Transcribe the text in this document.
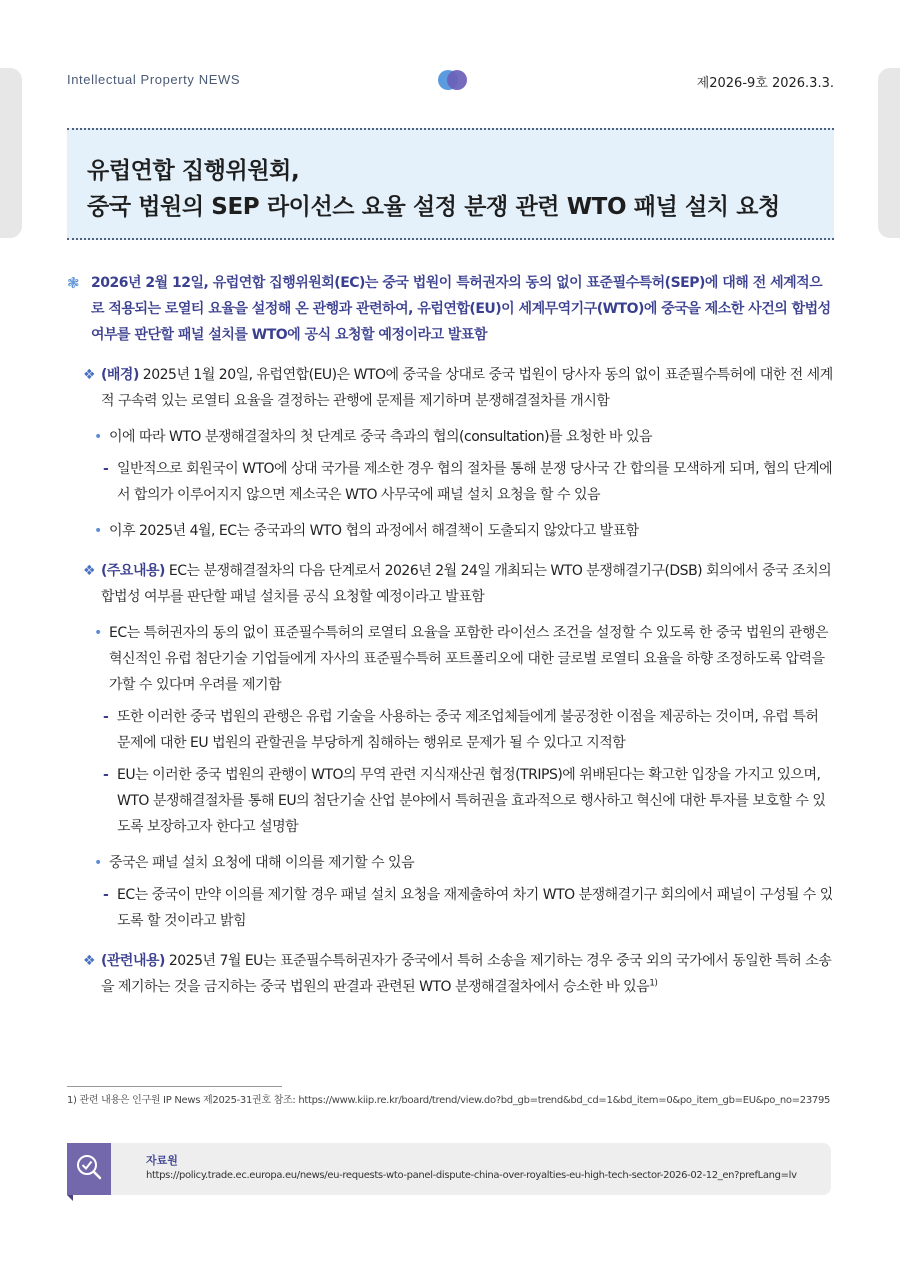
Intellectual Property NEWS	제2026-9호 2026.3.3.
유럽연합 집행위원회,
중국 법원의 SEP 라이선스 요율 설정 분쟁 관련 WTO 패널 설치 요청
❃ 2026년 2월 12일, 유럽연합 집행위원회(EC)는 중국 법원이 특허권자의 동의 없이 표준필수특허(SEP)에 대해 전 세계적으로 적용되는 로열티 요율을 설정해 온 관행과 관련하여, 유럽연합(EU)이 세계무역기구(WTO)에 중국을 제소한 사건의 합법성 여부를 판단할 패널 설치를 WTO에 공식 요청할 예정이라고 발표함
❖ (배경) 2025년 1월 20일, 유럽연합(EU)은 WTO에 중국을 상대로 중국 법원이 당사자 동의 없이 표준필수특허에 대한 전 세계적 구속력 있는 로열티 요율을 결정하는 관행에 문제를 제기하며 분쟁해결절차를 개시함
• 이에 따라 WTO 분쟁해결절차의 첫 단계로 중국 측과의 협의(consultation)를 요청한 바 있음
- 일반적으로 회원국이 WTO에 상대 국가를 제소한 경우 협의 절차를 통해 분쟁 당사국 간 합의를 모색하게 되며, 협의 단계에서 합의가 이루어지지 않으면 제소국은 WTO 사무국에 패널 설치 요청을 할 수 있음
• 이후 2025년 4월, EC는 중국과의 WTO 협의 과정에서 해결책이 도출되지 않았다고 발표함
❖ (주요내용) EC는 분쟁해결절차의 다음 단계로서 2026년 2월 24일 개최되는 WTO 분쟁해결기구(DSB) 회의에서 중국 조치의 합법성 여부를 판단할 패널 설치를 공식 요청할 예정이라고 발표함
• EC는 특허권자의 동의 없이 표준필수특허의 로열티 요율을 포함한 라이선스 조건을 설정할 수 있도록 한 중국 법원의 관행은 혁신적인 유럽 첨단기술 기업들에게 자사의 표준필수특허 포트폴리오에 대한 글로벌 로열티 요율을 하향 조정하도록 압력을 가할 수 있다며 우려를 제기함
- 또한 이러한 중국 법원의 관행은 유럽 기술을 사용하는 중국 제조업체들에게 불공정한 이점을 제공하는 것이며, 유럽 특허 문제에 대한 EU 법원의 관할권을 부당하게 침해하는 행위로 문제가 될 수 있다고 지적함
- EU는 이러한 중국 법원의 관행이 WTO의 무역 관련 지식재산권 협정(TRIPS)에 위배된다는 확고한 입장을 가지고 있으며, WTO 분쟁해결절차를 통해 EU의 첨단기술 산업 분야에서 특허권을 효과적으로 행사하고 혁신에 대한 투자를 보호할 수 있도록 보장하고자 한다고 설명함
• 중국은 패널 설치 요청에 대해 이의를 제기할 수 있음
- EC는 중국이 만약 이의를 제기할 경우 패널 설치 요청을 재제출하여 차기 WTO 분쟁해결기구 회의에서 패널이 구성될 수 있도록 할 것이라고 밝힘
❖ (관련내용) 2025년 7월 EU는 표준필수특허권자가 중국에서 특허 소송을 제기하는 경우 중국 외의 국가에서 동일한 특허 소송을 제기하는 것을 금지하는 중국 법원의 판결과 관련된 WTO 분쟁해결절차에서 승소한 바 있음$^{1)}$
1) 관련 내용은 인구원 IP News 제2025-31권호 참조: https://www.kiip.re.kr/board/trend/view.do?bd_gb=trend&bd_cd=1&bd_item=0&po_item_gb=EU&po_no=23795
자료원
https://policy.trade.ec.europa.eu/news/eu-requests-wto-panel-dispute-china-over-royalties-eu-high-tech-sector-2026-02-12_en?prefLang=lv
